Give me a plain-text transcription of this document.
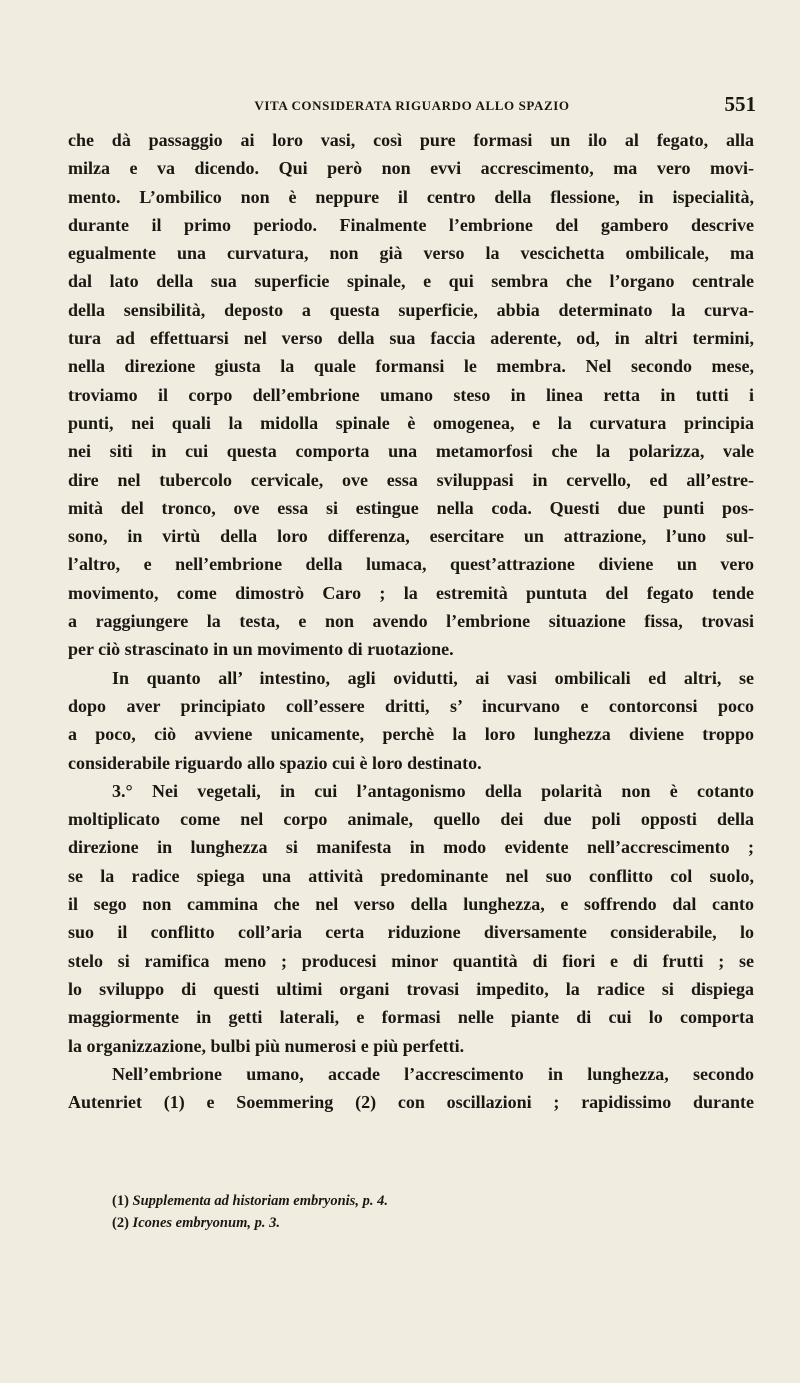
VITA CONSIDERATA RIGUARDO ALLO SPAZIO	551
che dà passaggio ai loro vasi, così pure formasi un ilo al fegato, alla
milza e va dicendo. Qui però non evvi accrescimento, ma vero movi-
mento. L’ombilico non è neppure il centro della flessione, in ispecialità,
durante il primo periodo. Finalmente l’embrione del gambero descrive
egualmente una curvatura, non già verso la vescichetta ombilicale, ma
dal lato della sua superficie spinale, e qui sembra che l’organo centrale
della sensibilità, deposto a questa superficie, abbia determinato la curva-
tura ad effettuarsi nel verso della sua faccia aderente, od, in altri termini,
nella direzione giusta la quale formansi le membra. Nel secondo mese,
troviamo il corpo dell’embrione umano steso in linea retta in tutti i
punti, nei quali la midolla spinale è omogenea, e la curvatura principia
nei siti in cui questa comporta una metamorfosi che la polarizza, vale
dire nel tubercolo cervicale, ove essa sviluppasi in cervello, ed all’estre-
mità del tronco, ove essa si estingue nella coda. Questi due punti pos-
sono, in virtù della loro differenza, esercitare un attrazione, l’uno sul-
l’altro, e nell’embrione della lumaca, quest’attrazione diviene un vero
movimento, come dimostrò Caro ; la estremità puntuta del fegato tende
a raggiungere la testa, e non avendo l’embrione situazione fissa, trovasi
per ciò strascinato in un movimento di ruotazione.
In quanto all’ intestino, agli ovidutti, ai vasi ombilicali ed altri, se
dopo aver principiato coll’essere dritti, s’ incurvano e contorconsi poco
a poco, ciò avviene unicamente, perchè la loro lunghezza diviene troppo
considerabile riguardo allo spazio cui è loro destinato.
3.° Nei vegetali, in cui l’antagonismo della polarità non è cotanto
moltiplicato come nel corpo animale, quello dei due poli opposti della
direzione in lunghezza si manifesta in modo evidente nell’accrescimento ;
se la radice spiega una attività predominante nel suo conflitto col suolo,
il sego non cammina che nel verso della lunghezza, e soffrendo dal canto
suo il conflitto coll’aria certa riduzione diversamente considerabile, lo
stelo si ramifica meno ; producesi minor quantità di fiori e di frutti ; se
lo sviluppo di questi ultimi organi trovasi impedito, la radice si dispiega
maggiormente in getti laterali, e formasi nelle piante di cui lo comporta
la organizzazione, bulbi più numerosi e più perfetti.
Nell’embrione umano, accade l’accrescimento in lunghezza, secondo
Autenriet (1) e Soemmering (2) con oscillazioni ; rapidissimo durante
(1) Supplementa ad historiam embryonis, p. 4.
(2) Icones embryonum, p. 3.
